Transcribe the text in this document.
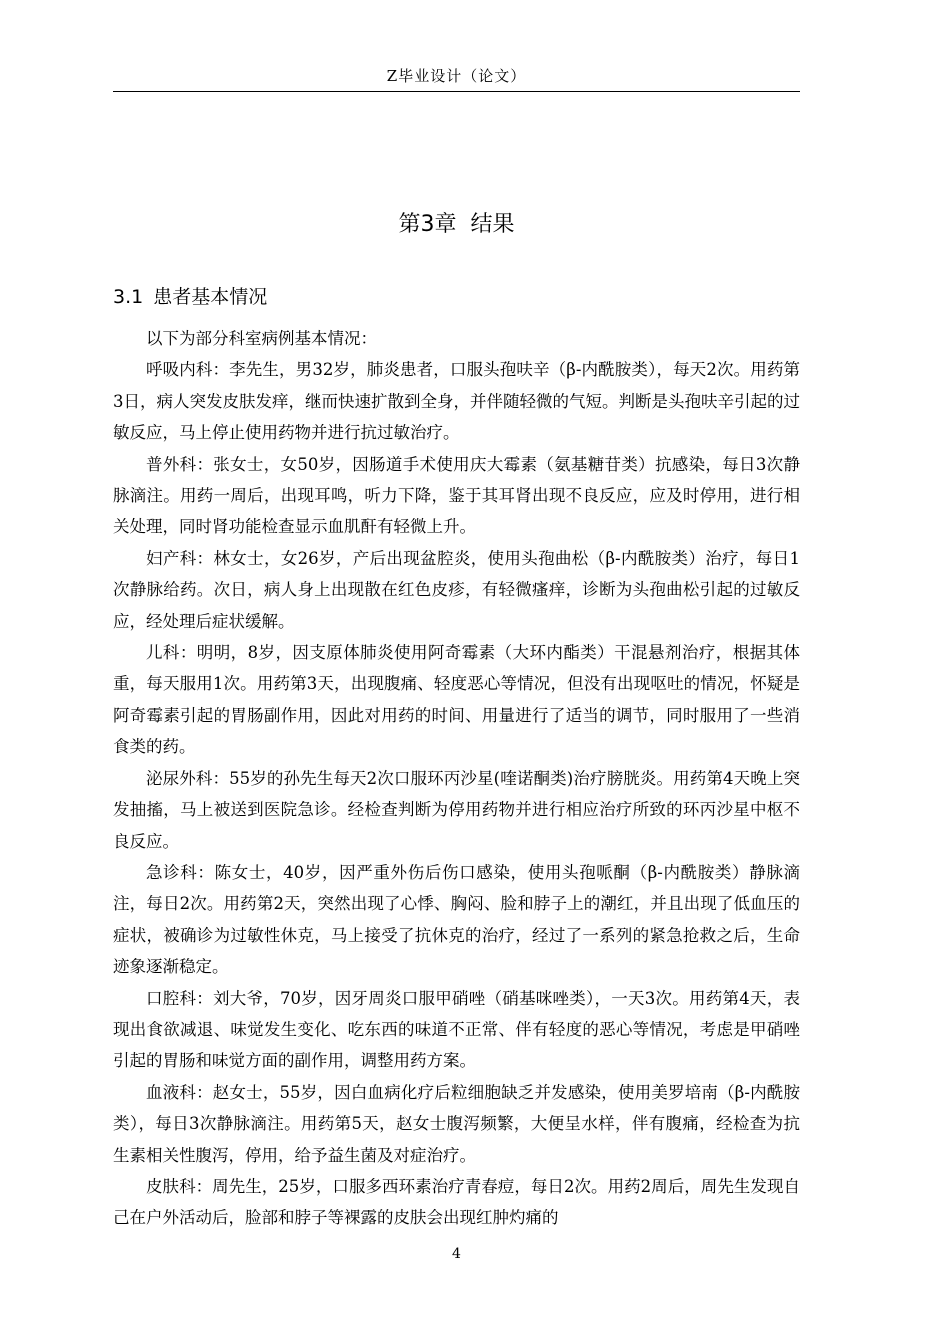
Z毕业设计（论文）
第3章  结果
3.1 患者基本情况

以下为部分科室病例基本情况：

呼吸内科：李先生，男32岁，肺炎患者，口服头孢呋辛（β-内酰胺类），每天2次。用药第3日，病人突发皮肤发痒，继而快速扩散到全身，并伴随轻微的气短。判断是头孢呋辛引起的过敏反应，马上停止使用药物并进行抗过敏治疗。

普外科：张女士，女50岁，因肠道手术使用庆大霉素（氨基糖苷类）抗感染，每日3次静脉滴注。用药一周后，出现耳鸣，听力下降，鉴于其耳肾出现不良反应，应及时停用，进行相关处理，同时肾功能检查显示血肌酐有轻微上升。

妇产科：林女士，女26岁，产后出现盆腔炎，使用头孢曲松（β-内酰胺类）治疗，每日1次静脉给药。次日，病人身上出现散在红色皮疹，有轻微瘙痒，诊断为头孢曲松引起的过敏反应，经处理后症状缓解。

儿科：明明，8岁，因支原体肺炎使用阿奇霉素（大环内酯类）干混悬剂治疗，根据其体重，每天服用1次。用药第3天，出现腹痛、轻度恶心等情况，但没有出现呕吐的情况，怀疑是阿奇霉素引起的胃肠副作用，因此对用药的时间、用量进行了适当的调节，同时服用了一些消食类的药。

泌尿外科：55岁的孙先生每天2次口服环丙沙星(喹诺酮类)治疗膀胱炎。用药第4天晚上突发抽搐，马上被送到医院急诊。经检查判断为停用药物并进行相应治疗所致的环丙沙星中枢不良反应。

急诊科：陈女士，40岁，因严重外伤后伤口感染，使用头孢哌酮（β-内酰胺类）静脉滴注，每日2次。用药第2天，突然出现了心悸、胸闷、脸和脖子上的潮红，并且出现了低血压的症状，被确诊为过敏性休克，马上接受了抗休克的治疗，经过了一系列的紧急抢救之后，生命迹象逐渐稳定。

口腔科：刘大爷，70岁，因牙周炎口服甲硝唑（硝基咪唑类），一天3次。用药第4天，表现出食欲减退、味觉发生变化、吃东西的味道不正常、伴有轻度的恶心等情况，考虑是甲硝唑引起的胃肠和味觉方面的副作用，调整用药方案。

血液科：赵女士，55岁，因白血病化疗后粒细胞缺乏并发感染，使用美罗培南（β-内酰胺类），每日3次静脉滴注。用药第5天，赵女士腹泻频繁，大便呈水样，伴有腹痛，经检查为抗生素相关性腹泻，停用，给予益生菌及对症治疗。

皮肤科：周先生，25岁，口服多西环素治疗青春痘，每日2次。用药2周后，周先生发现自己在户外活动后，脸部和脖子等裸露的皮肤会出现红肿灼痛的

4
